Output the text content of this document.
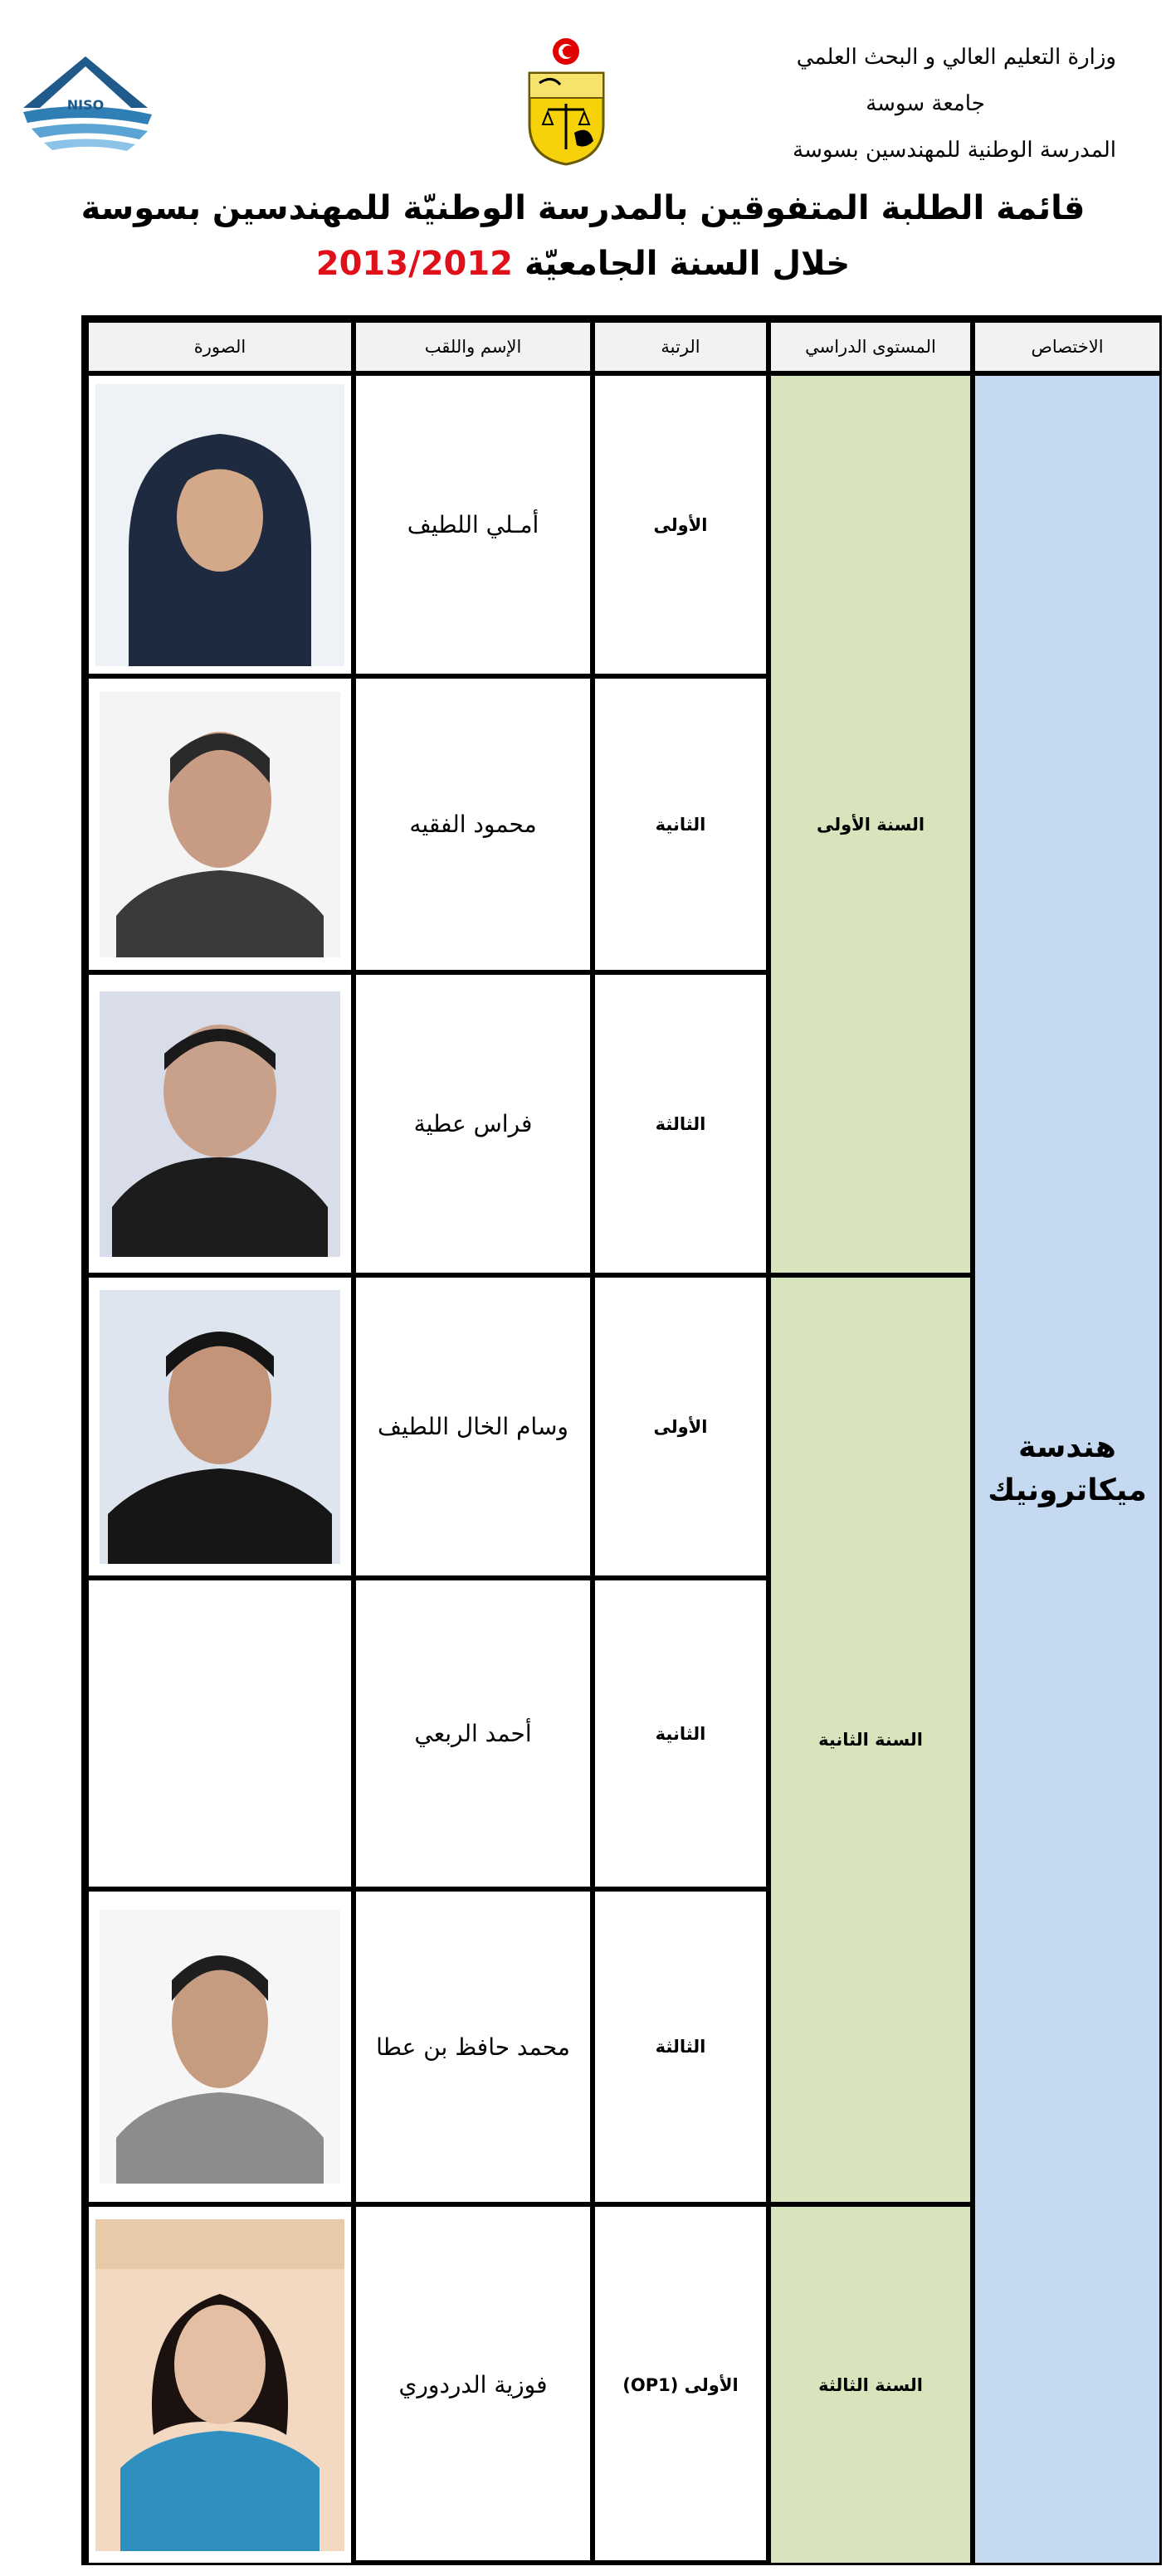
NISO
وزارة التعليم العالي و البحث العلمي
جامعة سوسة
المدرسة الوطنية للمهندسين بسوسة
قائمة الطلبة المتفوقين بالمدرسة الوطنيّة للمهندسين بسوسة
خلال السنة الجامعيّة 2013/2012
الاختصاص
المستوى الدراسي
الرتبة
الإسم واللقب
الصورة
هندسة ميكاترونيك
السنة الأولى
السنة الثانية
السنة الثالثة
الأولى
أمـلي اللطيف
الثانية
محمود الفقيه
الثالثة
فراس عطية
الأولى
وسام الخال اللطيف
الثانية
أحمد الربعي
الثالثة
محمد حافظ بن عطا
الأولى (OP1)
فوزية الدردوري
